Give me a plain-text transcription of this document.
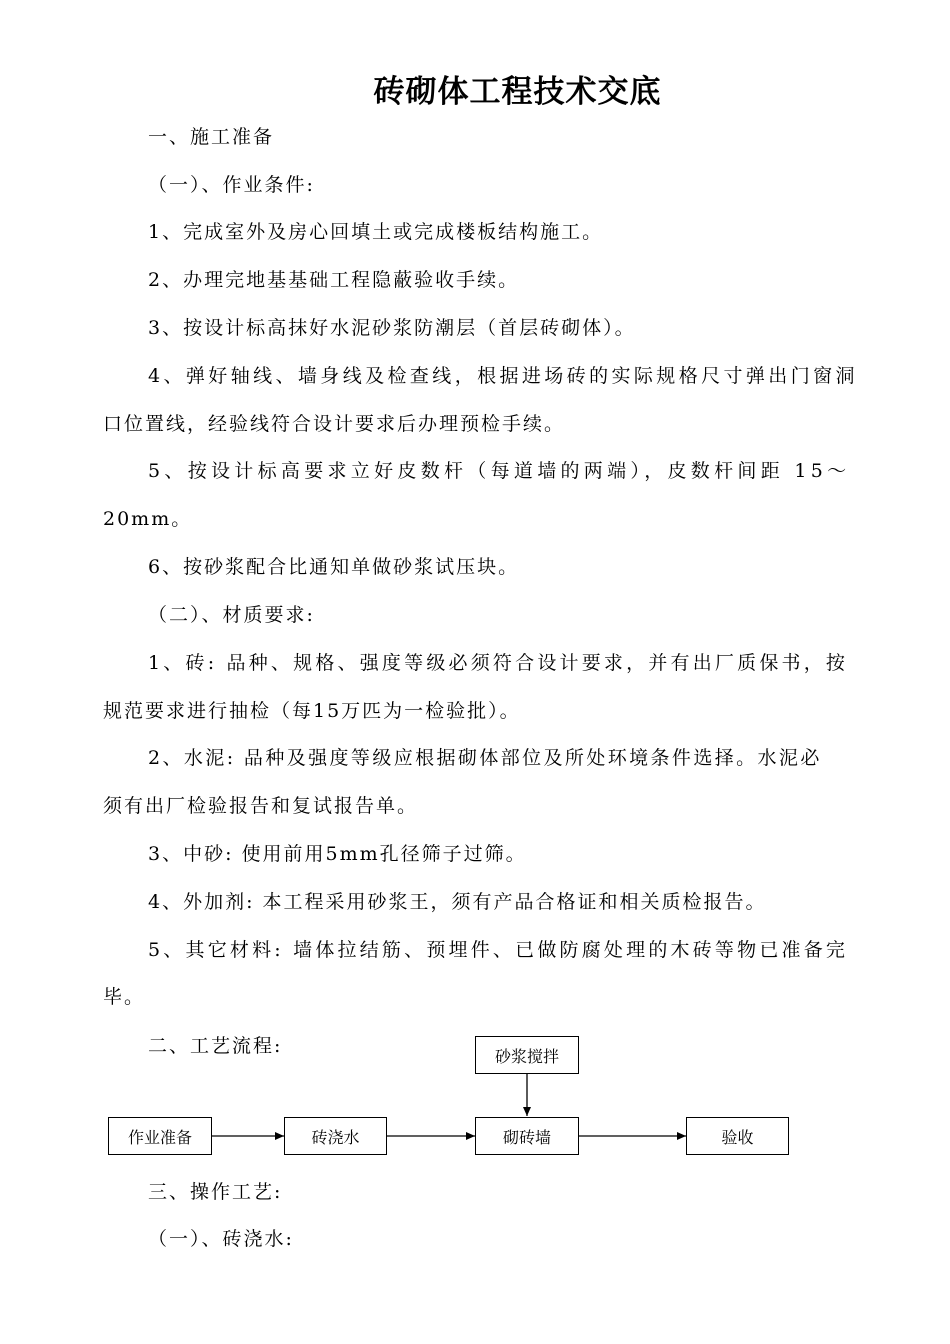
砖砌体工程技术交底
一、施工准备
（一）、作业条件:
1、完成室外及房心回填土或完成楼板结构施工。
2、办理完地基基础工程隐蔽验收手续。
3、按设计标高抹好水泥砂浆防潮层（首层砖砌体）。
4、弹好轴线、墙身线及检查线，根据进场砖的实际规格尺寸弹出门窗洞
口位置线，经验线符合设计要求后办理预检手续。
5、按设计标高要求立好皮数杆（每道墙的两端），皮数杆间距 15～
20mm。
6、按砂浆配合比通知单做砂浆试压块。
（二）、材质要求:
1、砖: 品种、规格、强度等级必须符合设计要求，并有出厂质保书，按
规范要求进行抽检（每15万匹为一检验批）。
2、水泥: 品种及强度等级应根据砌体部位及所处环境条件选择。水泥必
须有出厂检验报告和复试报告单。
3、中砂: 使用前用5mm孔径筛子过筛。
4、外加剂: 本工程采用砂浆王，须有产品合格证和相关质检报告。
5、其它材料: 墙体拉结筋、预埋件、已做防腐处理的木砖等物已准备完
毕。
二、工艺流程:	砂浆搅拌
作业准备	砖浇水	砌砖墙	验收
三、操作工艺:
（一）、砖浇水:
